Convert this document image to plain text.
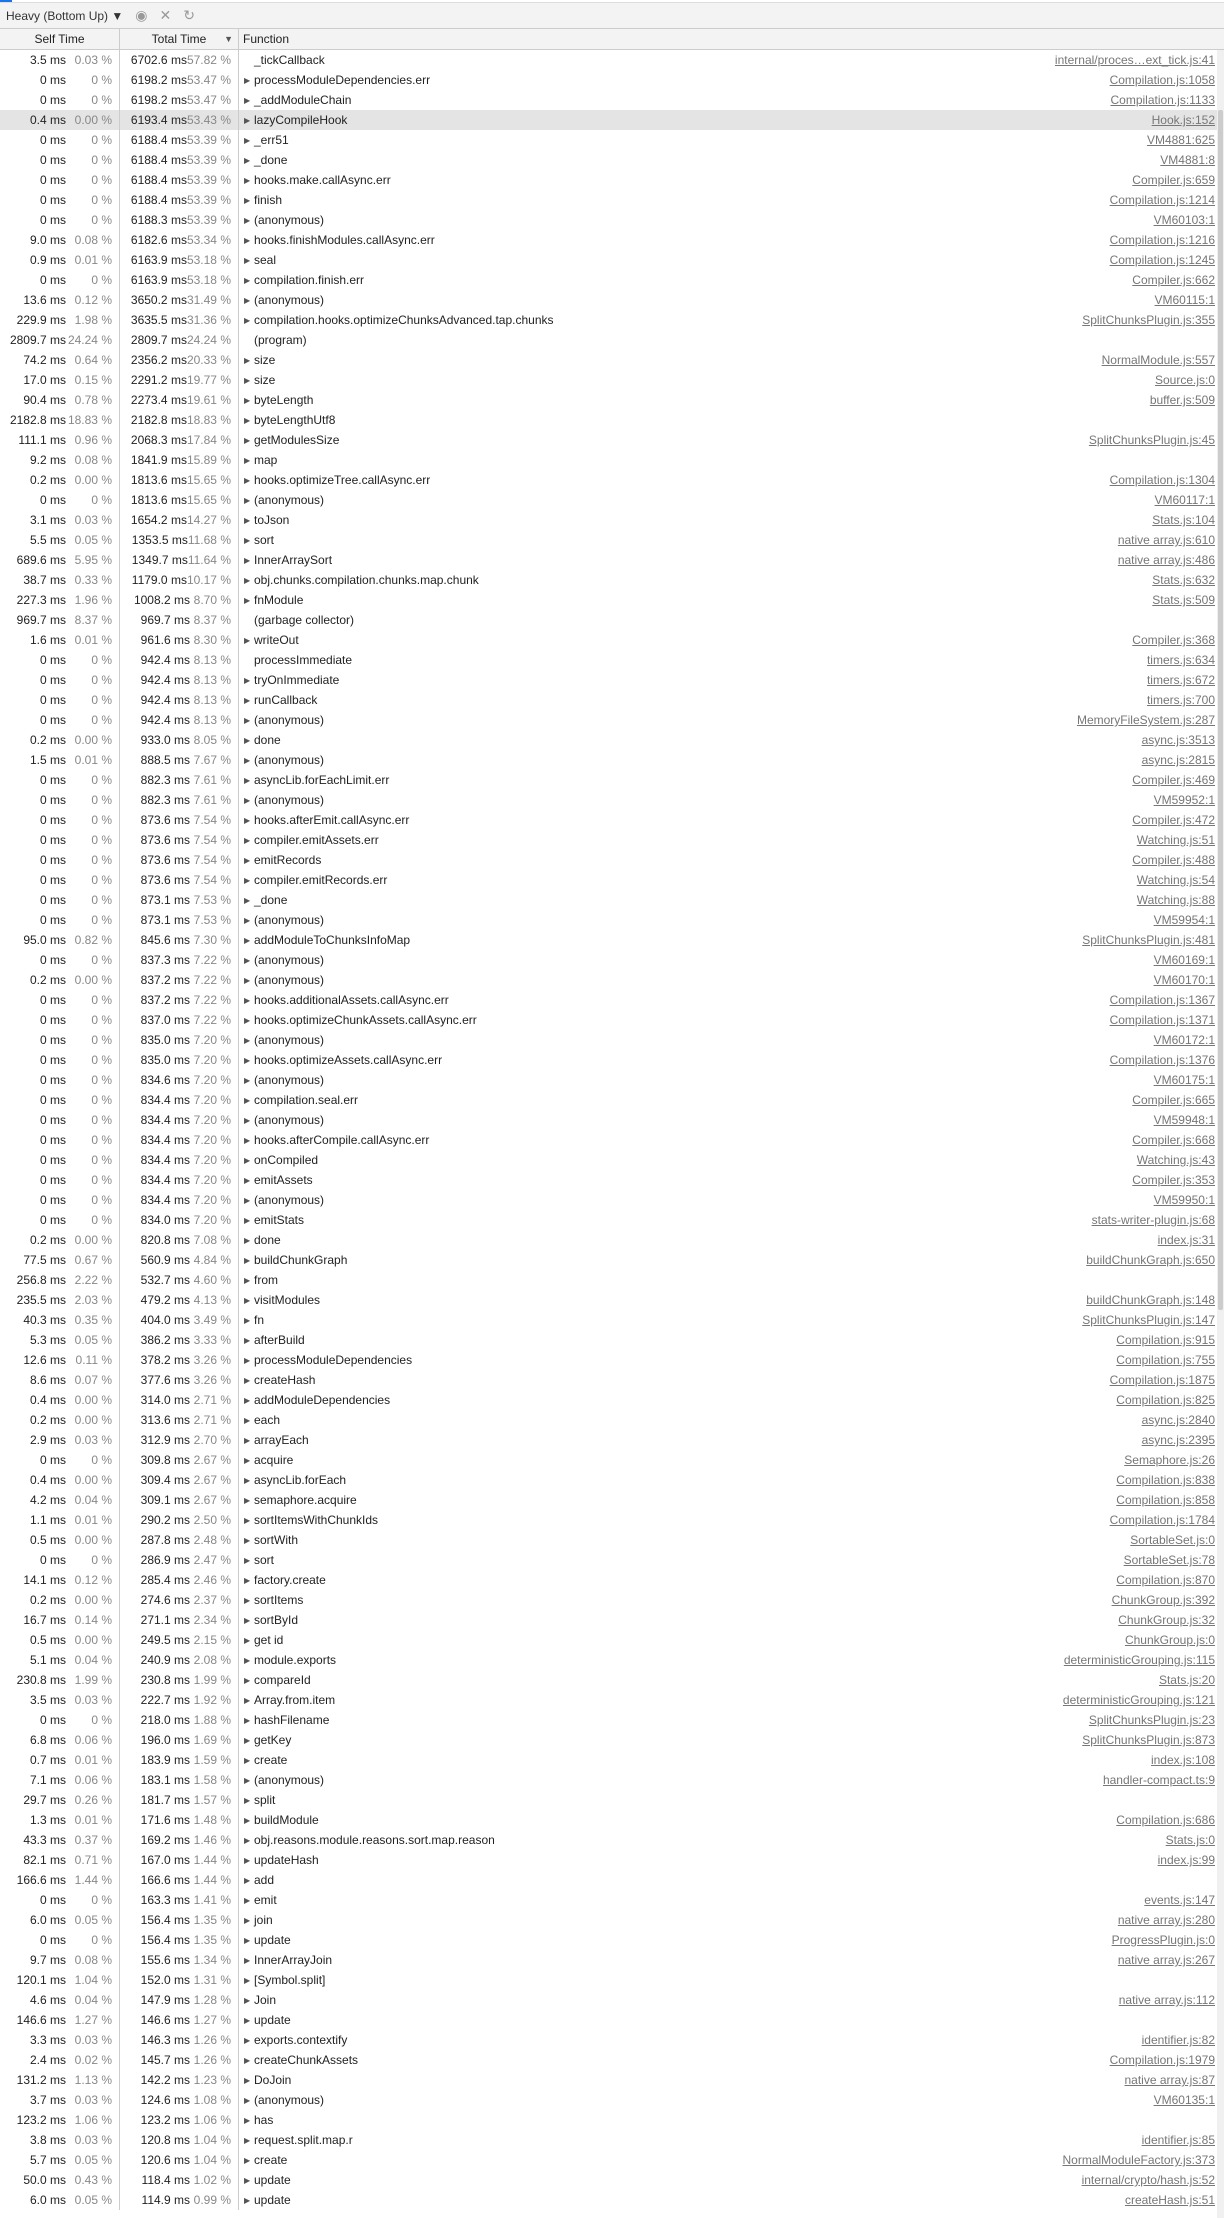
Heavy (Bottom Up) ▼ ◉ ✕ ↻
Self Time	Total Time ▼ Function
3.5 ms 0.03 %	6702.6 ms 57.82 %	_tickCallback	internal/proces…ext_tick.js:41
0 ms	0 %	6198.2 ms 53.47 %	▶ processModuleDependencies.err	Compilation.js:1058
0 ms	0 %	6198.2 ms 53.47 %	▶ _addModuleChain	Compilation.js:1133
0.4 ms 0.00 %	6193.4 ms 53.43 %	▶ lazyCompileHook	Hook.js:152
0 ms	0 %	6188.4 ms 53.39 %	▶ _err51	VM4881:625
0 ms	0 %	6188.4 ms 53.39 %	▶ _done	VM4881:8
0 ms	0 %	6188.4 ms 53.39 %	▶ hooks.make.callAsync.err	Compiler.js:659
0 ms	0 %	6188.4 ms 53.39 %	▶ finish	Compilation.js:1214
0 ms	0 %	6188.3 ms 53.39 %	▶ (anonymous)	VM60103:1
9.0 ms 0.08 %	6182.6 ms 53.34 %	▶ hooks.finishModules.callAsync.err	Compilation.js:1216
0.9 ms 0.01 %	6163.9 ms 53.18 %	▶ seal	Compilation.js:1245
0 ms	0 %	6163.9 ms 53.18 %	▶ compilation.finish.err	Compiler.js:662
13.6 ms 0.12 %	3650.2 ms 31.49 %	▶ (anonymous)	VM60115:1
229.9 ms 1.98 %	3635.5 ms 31.36 %	▶ compilation.hooks.optimizeChunksAdvanced.tap.chunks	SplitChunksPlugin.js:355
2809.7 ms 24.24 %	2809.7 ms 24.24 %	(program)
74.2 ms 0.64 %	2356.2 ms 20.33 %	▶ size	NormalModule.js:557
17.0 ms 0.15 %	2291.2 ms 19.77 %	▶ size	Source.js:0
90.4 ms 0.78 %	2273.4 ms 19.61 %	▶ byteLength	buffer.js:509
2182.8 ms 18.83 %	2182.8 ms 18.83 %	▶ byteLengthUtf8
111.1 ms 0.96 %	2068.3 ms 17.84 %	▶ getModulesSize	SplitChunksPlugin.js:45
9.2 ms 0.08 %	1841.9 ms 15.89 %	▶ map
0.2 ms 0.00 %	1813.6 ms 15.65 %	▶ hooks.optimizeTree.callAsync.err	Compilation.js:1304
0 ms	0 %	1813.6 ms 15.65 %	▶ (anonymous)	VM60117:1
3.1 ms 0.03 %	1654.2 ms 14.27 %	▶ toJson	Stats.js:104
5.5 ms 0.05 %	1353.5 ms 11.68 %	▶ sort	native array.js:610
689.6 ms 5.95 %	1349.7 ms 11.64 %	▶ InnerArraySort	native array.js:486
38.7 ms 0.33 %	1179.0 ms 10.17 %	▶ obj.chunks.compilation.chunks.map.chunk	Stats.js:632
227.3 ms 1.96 %	1008.2 ms 8.70 %	▶ fnModule	Stats.js:509
969.7 ms 8.37 %	969.7 ms 8.37 %	(garbage collector)
1.6 ms 0.01 %	961.6 ms 8.30 %	▶ writeOut	Compiler.js:368
0 ms	0 %	942.4 ms 8.13 %	processImmediate	timers.js:634
0 ms	0 %	942.4 ms 8.13 %	▶ tryOnImmediate	timers.js:672
0 ms	0 %	942.4 ms 8.13 %	▶ runCallback	timers.js:700
0 ms	0 %	942.4 ms 8.13 %	▶ (anonymous)	MemoryFileSystem.js:287
0.2 ms 0.00 %	933.0 ms 8.05 %	▶ done	async.js:3513
1.5 ms 0.01 %	888.5 ms 7.67 %	▶ (anonymous)	async.js:2815
0 ms	0 %	882.3 ms 7.61 %	▶ asyncLib.forEachLimit.err	Compiler.js:469
0 ms	0 %	882.3 ms 7.61 %	▶ (anonymous)	VM59952:1
0 ms	0 %	873.6 ms 7.54 %	▶ hooks.afterEmit.callAsync.err	Compiler.js:472
0 ms	0 %	873.6 ms 7.54 %	▶ compiler.emitAssets.err	Watching.js:51
0 ms	0 %	873.6 ms 7.54 %	▶ emitRecords	Compiler.js:488
0 ms	0 %	873.6 ms 7.54 %	▶ compiler.emitRecords.err	Watching.js:54
0 ms	0 %	873.1 ms 7.53 %	▶ _done	Watching.js:88
0 ms	0 %	873.1 ms 7.53 %	▶ (anonymous)	VM59954:1
95.0 ms 0.82 %	845.6 ms 7.30 %	▶ addModuleToChunksInfoMap	SplitChunksPlugin.js:481
0 ms	0 %	837.3 ms 7.22 %	▶ (anonymous)	VM60169:1
0.2 ms 0.00 %	837.2 ms 7.22 %	▶ (anonymous)	VM60170:1
0 ms	0 %	837.2 ms 7.22 %	▶ hooks.additionalAssets.callAsync.err	Compilation.js:1367
0 ms	0 %	837.0 ms 7.22 %	▶ hooks.optimizeChunkAssets.callAsync.err	Compilation.js:1371
0 ms	0 %	835.0 ms 7.20 %	▶ (anonymous)	VM60172:1
0 ms	0 %	835.0 ms 7.20 %	▶ hooks.optimizeAssets.callAsync.err	Compilation.js:1376
0 ms	0 %	834.6 ms 7.20 %	▶ (anonymous)	VM60175:1
0 ms	0 %	834.4 ms 7.20 %	▶ compilation.seal.err	Compiler.js:665
0 ms	0 %	834.4 ms 7.20 %	▶ (anonymous)	VM59948:1
0 ms	0 %	834.4 ms 7.20 %	▶ hooks.afterCompile.callAsync.err	Compiler.js:668
0 ms	0 %	834.4 ms 7.20 %	▶ onCompiled	Watching.js:43
0 ms	0 %	834.4 ms 7.20 %	▶ emitAssets	Compiler.js:353
0 ms	0 %	834.4 ms 7.20 %	▶ (anonymous)	VM59950:1
0 ms	0 %	834.0 ms 7.20 %	▶ emitStats	stats-writer-plugin.js:68
0.2 ms 0.00 %	820.8 ms 7.08 %	▶ done	index.js:31
77.5 ms 0.67 %	560.9 ms 4.84 %	▶ buildChunkGraph	buildChunkGraph.js:650
256.8 ms 2.22 %	532.7 ms 4.60 %	▶ from
235.5 ms 2.03 %	479.2 ms 4.13 %	▶ visitModules	buildChunkGraph.js:148
40.3 ms 0.35 %	404.0 ms 3.49 %	▶ fn	SplitChunksPlugin.js:147
5.3 ms 0.05 %	386.2 ms 3.33 %	▶ afterBuild	Compilation.js:915
12.6 ms 0.11 %	378.2 ms 3.26 %	▶ processModuleDependencies	Compilation.js:755
8.6 ms 0.07 %	377.6 ms 3.26 %	▶ createHash	Compilation.js:1875
0.4 ms 0.00 %	314.0 ms 2.71 %	▶ addModuleDependencies	Compilation.js:825
0.2 ms 0.00 %	313.6 ms 2.71 %	▶ each	async.js:2840
2.9 ms 0.03 %	312.9 ms 2.70 %	▶ arrayEach	async.js:2395
0 ms	0 %	309.8 ms 2.67 %	▶ acquire	Semaphore.js:26
0.4 ms 0.00 %	309.4 ms 2.67 %	▶ asyncLib.forEach	Compilation.js:838
4.2 ms 0.04 %	309.1 ms 2.67 %	▶ semaphore.acquire	Compilation.js:858
1.1 ms 0.01 %	290.2 ms 2.50 %	▶ sortItemsWithChunkIds	Compilation.js:1784
0.5 ms 0.00 %	287.8 ms 2.48 %	▶ sortWith	SortableSet.js:0
0 ms	0 %	286.9 ms 2.47 %	▶ sort	SortableSet.js:78
14.1 ms 0.12 %	285.4 ms 2.46 %	▶ factory.create	Compilation.js:870
0.2 ms 0.00 %	274.6 ms 2.37 %	▶ sortItems	ChunkGroup.js:392
16.7 ms 0.14 %	271.1 ms 2.34 %	▶ sortById	ChunkGroup.js:32
0.5 ms 0.00 %	249.5 ms 2.15 %	▶ get id	ChunkGroup.js:0
5.1 ms 0.04 %	240.9 ms 2.08 %	▶ module.exports	deterministicGrouping.js:115
230.8 ms 1.99 %	230.8 ms 1.99 %	▶ compareId	Stats.js:20
3.5 ms 0.03 %	222.7 ms 1.92 %	▶ Array.from.item	deterministicGrouping.js:121
0 ms	0 %	218.0 ms 1.88 %	▶ hashFilename	SplitChunksPlugin.js:23
6.8 ms 0.06 %	196.0 ms 1.69 %	▶ getKey	SplitChunksPlugin.js:873
0.7 ms 0.01 %	183.9 ms 1.59 %	▶ create	index.js:108
7.1 ms 0.06 %	183.1 ms 1.58 %	▶ (anonymous)	handler-compact.ts:9
29.7 ms 0.26 %	181.7 ms 1.57 %	▶ split
1.3 ms 0.01 %	171.6 ms 1.48 %	▶ buildModule	Compilation.js:686
43.3 ms 0.37 %	169.2 ms 1.46 %	▶ obj.reasons.module.reasons.sort.map.reason	Stats.js:0
82.1 ms 0.71 %	167.0 ms 1.44 %	▶ updateHash	index.js:99
166.6 ms 1.44 %	166.6 ms 1.44 %	▶ add
0 ms	0 %	163.3 ms 1.41 %	▶ emit	events.js:147
6.0 ms 0.05 %	156.4 ms 1.35 %	▶ join	native array.js:280
0 ms	0 %	156.4 ms 1.35 %	▶ update	ProgressPlugin.js:0
9.7 ms 0.08 %	155.6 ms 1.34 %	▶ InnerArrayJoin	native array.js:267
120.1 ms 1.04 %	152.0 ms 1.31 %	▶ [Symbol.split]
4.6 ms 0.04 %	147.9 ms 1.28 %	▶ Join	native array.js:112
146.6 ms 1.27 %	146.6 ms 1.27 %	▶ update
3.3 ms 0.03 %	146.3 ms 1.26 %	▶ exports.contextify	identifier.js:82
2.4 ms 0.02 %	145.7 ms 1.26 %	▶ createChunkAssets	Compilation.js:1979
131.2 ms 1.13 %	142.2 ms 1.23 %	▶ DoJoin	native array.js:87
3.7 ms 0.03 %	124.6 ms 1.08 %	▶ (anonymous)	VM60135:1
123.2 ms 1.06 %	123.2 ms 1.06 %	▶ has
3.8 ms 0.03 %	120.8 ms 1.04 %	▶ request.split.map.r	identifier.js:85
5.7 ms 0.05 %	120.6 ms 1.04 %	▶ create	NormalModuleFactory.js:373
50.0 ms 0.43 %	118.4 ms 1.02 %	▶ update	internal/crypto/hash.js:52
6.0 ms 0.05 %	114.9 ms 0.99 %	▶ update	createHash.js:51
